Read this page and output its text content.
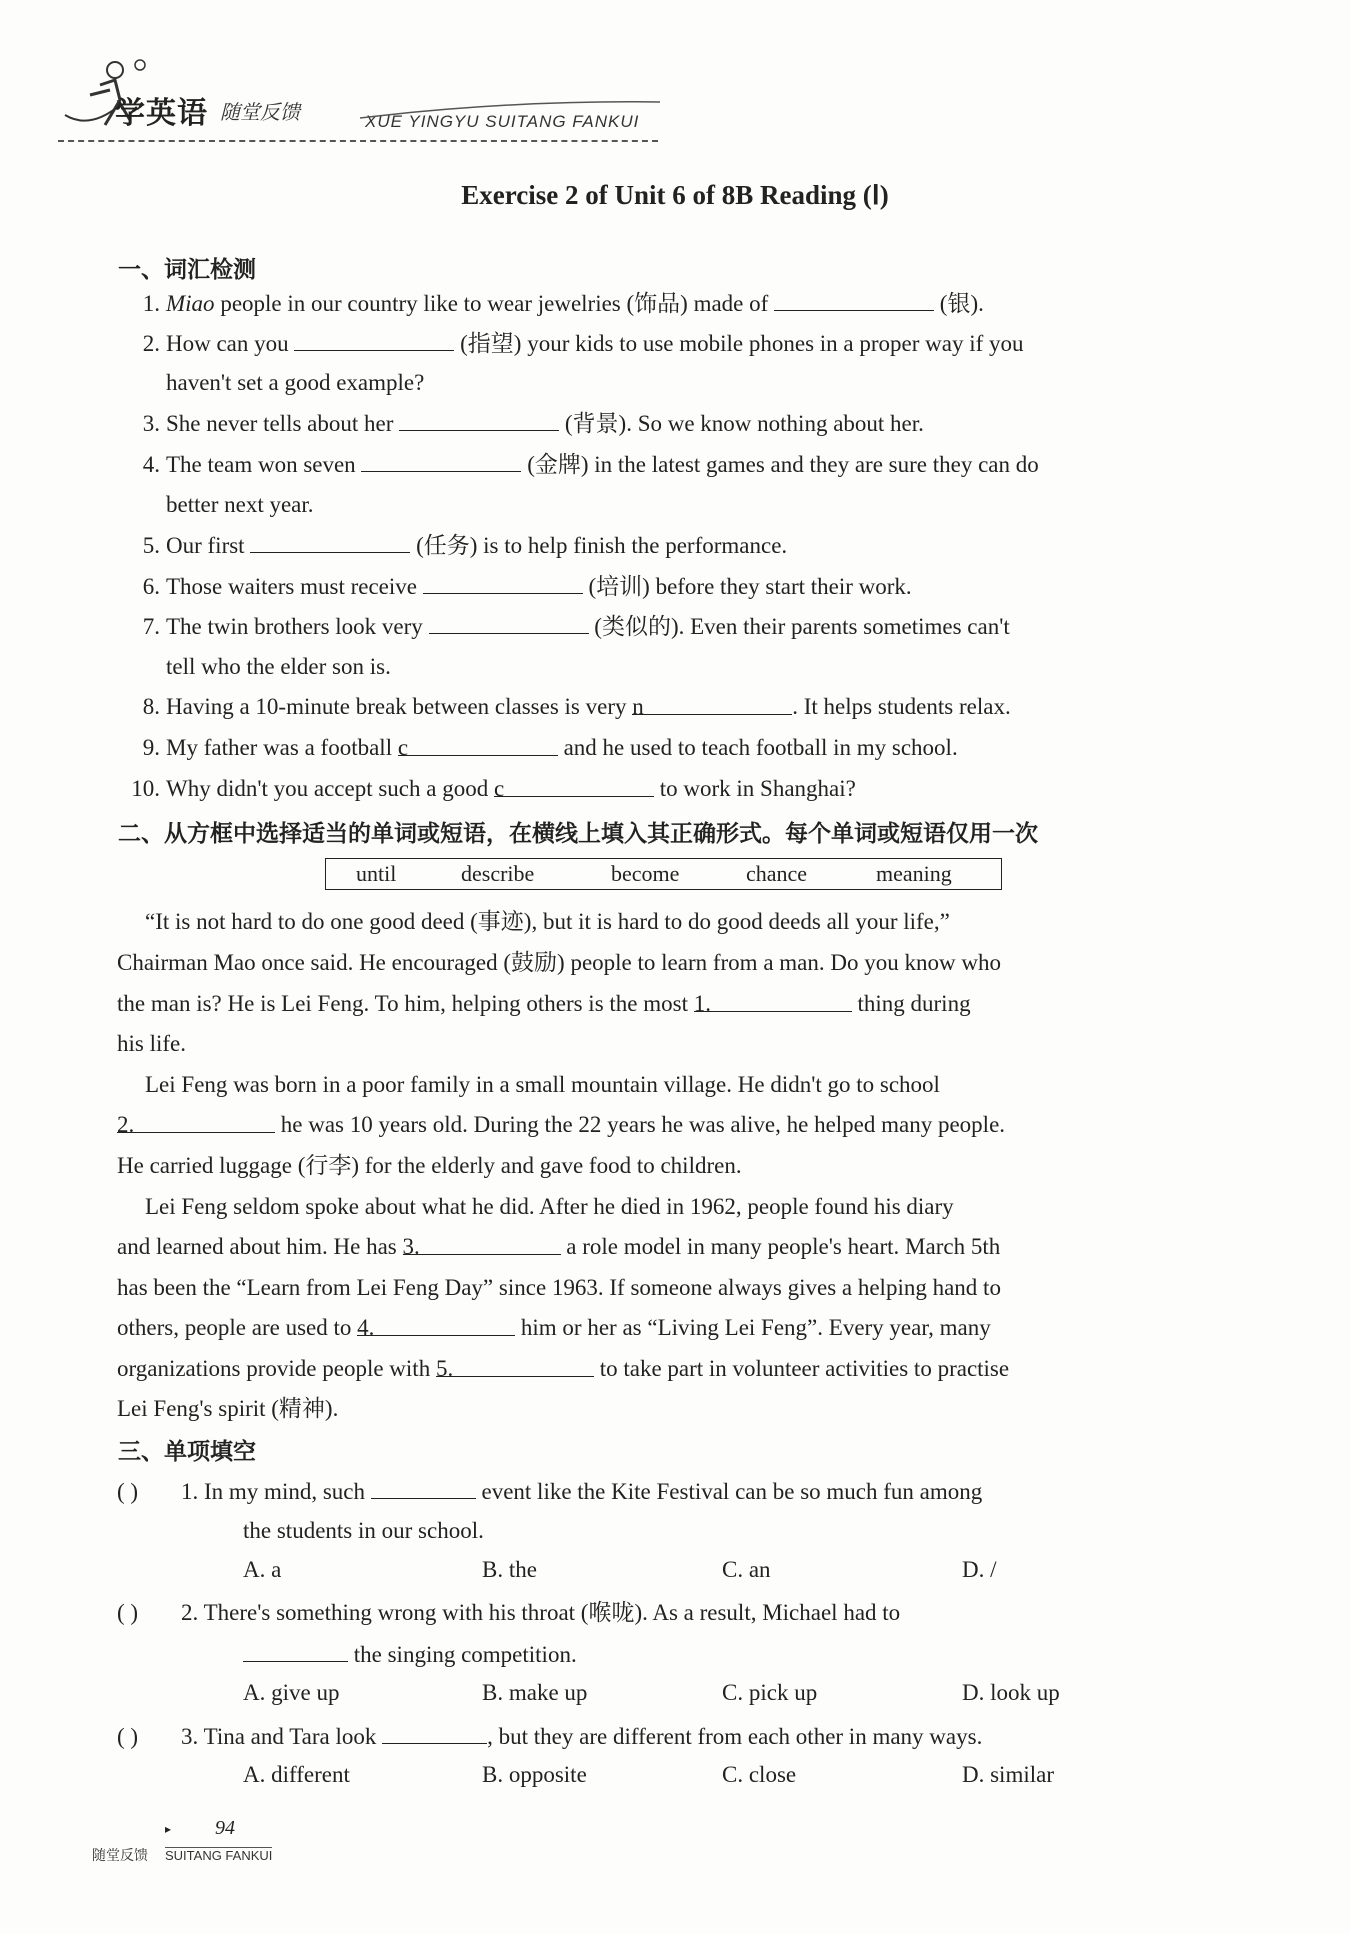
学英语 随堂反馈	XUE YINGYU SUITANG FANKUI
Exercise 2 of Unit 6 of 8B Reading (Ⅰ)
一、词汇检测
1. Miao people in our country like to wear jewelries (饰品) made of	(银).
2. How can you	(指望) your kids to use mobile phones in a proper way if you
haven't set a good example?
3. She never tells about her	(背景). So we know nothing about her.
4. The team won seven	(金牌) in the latest games and they are sure they can do
better next year.
5. Our first	(任务) is to help finish the performance.
6. Those waiters must receive	(培训) before they start their work.
7. The twin brothers look very	(类似的). Even their parents sometimes can't
tell who the elder son is.
8. Having a 10-minute break between classes is very n	. It helps students relax.
9. My father was a football c	and he used to teach football in my school.
10. Why didn't you accept such a good c	to work in Shanghai?
二、从方框中选择适当的单词或短语，在横线上填入其正确形式。每个单词或短语仅用一次
until	describe	become	chance	meaning
“It is not hard to do one good deed (事迹), but it is hard to do good deeds all your life,”
Chairman Mao once said. He encouraged (鼓励) people to learn from a man. Do you know who
the man is? He is Lei Feng. To him, helping others is the most 1.	thing during
his life.
Lei Feng was born in a poor family in a small mountain village. He didn't go to school
2.	he was 10 years old. During the 22 years he was alive, he helped many people.
He carried luggage (行李) for the elderly and gave food to children.
Lei Feng seldom spoke about what he did. After he died in 1962, people found his diary
and learned about him. He has 3.	a role model in many people's heart. March 5th
has been the “Learn from Lei Feng Day” since 1963. If someone always gives a helping hand to
others, people are used to 4.	him or her as “Living Lei Feng”. Every year, many
organizations provide people with 5.	to take part in volunteer activities to practise
Lei Feng's spirit (精神).
三、单项填空
( ) 1. In my mind, such	event like the Kite Festival can be so much fun among
the students in our school.
A. a	B. the	C. an	D. /
( ) 2. There's something wrong with his throat (喉咙). As a result, Michael had to
the singing competition.
A. give up	B. make up	C. pick up	D. look up
( ) 3. Tina and Tara look	, but they are different from each other in many ways.
A. different	B. opposite	C. close	D. similar
▸ 94
随堂反馈 SUITANG FANKUI
